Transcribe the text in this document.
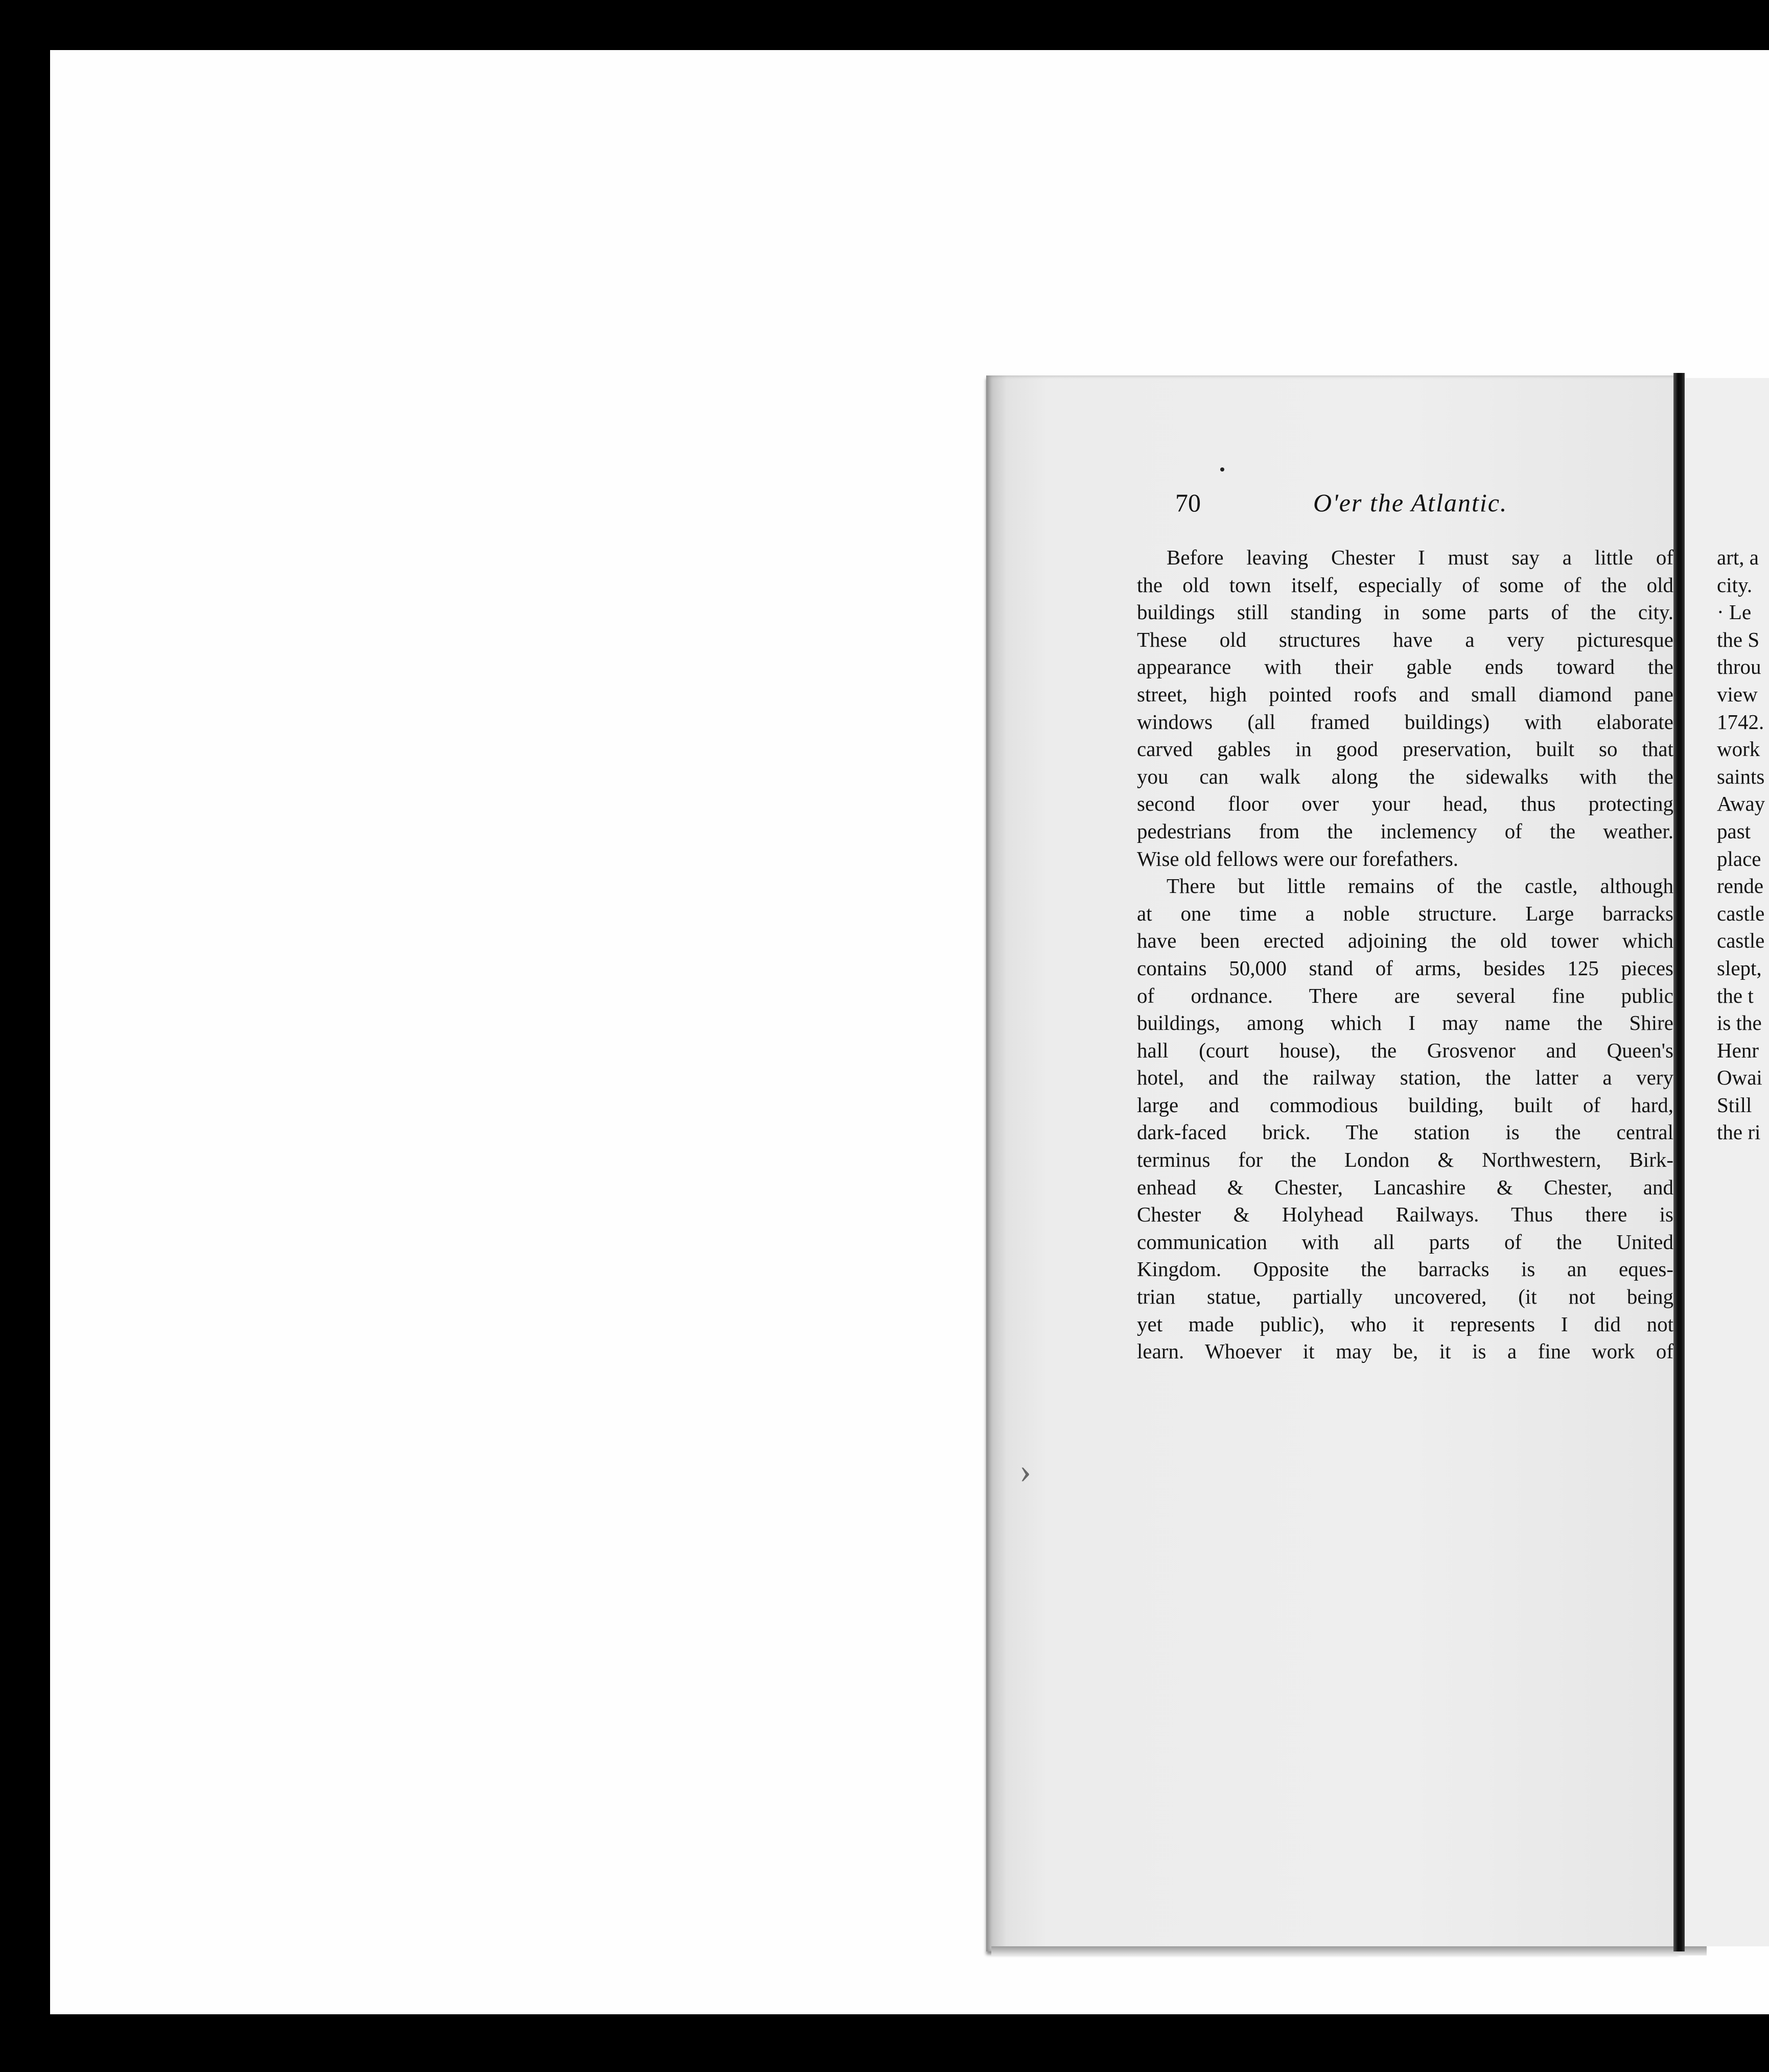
›
70	O'er the Atlantic.
Before leaving Chester I must say a little of
the old town itself, especially of some of the old
buildings still standing in some parts of the city.
These old structures have a very picturesque
appearance with their gable ends toward the
street, high pointed roofs and small diamond pane
windows (all framed buildings) with elaborate
carved gables in good preservation, built so that
you can walk along the sidewalks with the
second floor over your head, thus protecting
pedestrians from the inclemency of the weather.
Wise old fellows were our forefathers.
There but little remains of the castle, although
at one time a noble structure. Large barracks
have been erected adjoining the old tower which
contains 50,000 stand of arms, besides 125 pieces
of ordnance. There are several fine public
buildings, among which I may name the Shire
hall (court house), the Grosvenor and Queen's
hotel, and the railway station, the latter a very
large and commodious building, built of hard,
dark-faced brick. The station is the central
terminus for the London & Northwestern, Birk-
enhead & Chester, Lancashire & Chester, and
Chester & Holyhead Railways. Thus there is
communication with all parts of the United
Kingdom. Opposite the barracks is an eques-
trian statue, partially uncovered, (it not being
yet made public), who it represents I did not
learn. Whoever it may be, it is a fine work of
art, a
city.
· Le
the S
throu
view
1742.
work
saints
Away
past
place
rende
castle
castle
slept,
the t
is the
Henr
Owai
Still
the ri
